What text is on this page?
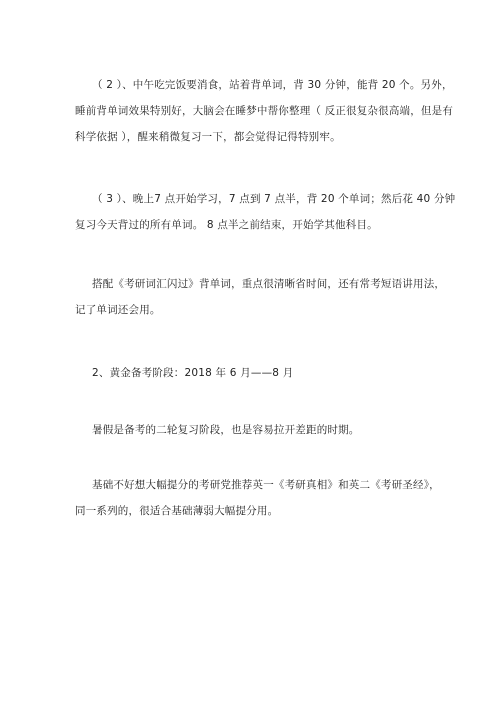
（ 2 ）、中午吃完饭要消食，站着背单词，背 30 分钟，能背 20 个。另外，
睡前背单词效果特别好，大脑会在睡梦中帮你整理（ 反正很复杂很高端，但是有
科学依据 ），醒来稍微复习一下，都会觉得记得特别牢。
（ 3 ）、晚上7 点开始学习，7 点到 7 点半，背 20 个单词；然后花 40 分钟
复习今天背过的所有单词。 8 点半之前结束，开始学其他科目。
搭配《考研词汇闪过》背单词，重点很清晰省时间，还有常考短语讲用法，
记了单词还会用。
2、黄金备考阶段：2018 年 6 月——8 月
暑假是备考的二轮复习阶段，也是容易拉开差距的时期。
基础不好想大幅提分的考研党推荐英一《考研真相》和英二《考研圣经》，
同一系列的，很适合基础薄弱大幅提分用。
